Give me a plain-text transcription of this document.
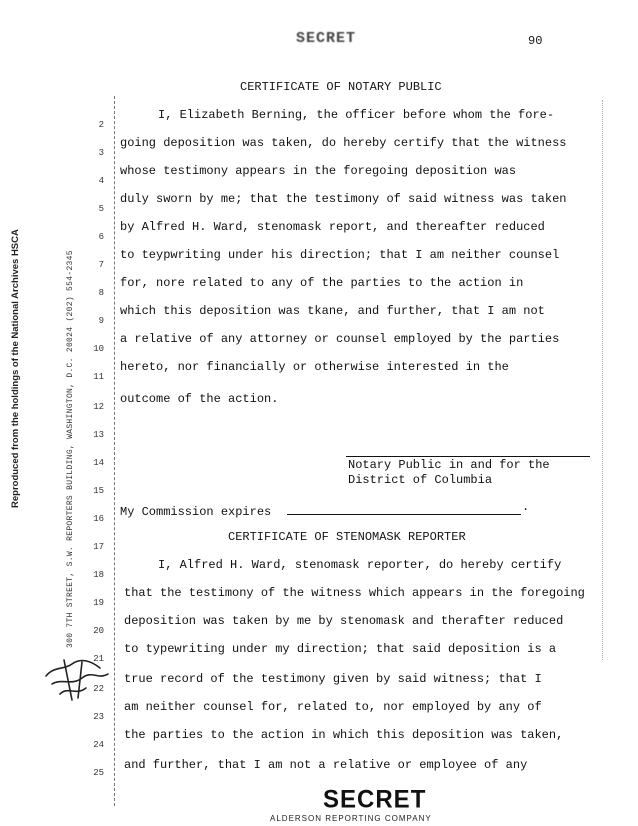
SECRET	90
Reproduced from the holdings of the National Archives HSCA	300 7TH STREET, S.W. REPORTERS BUILDING, WASHINGTON, D.C. 20024 (202) 554-2345
2
3
4
5
6
7
8
9
10
11
12
13
14
15
16
17
18
19
20
21
22
23
24
25
CERTIFICATE OF NOTARY PUBLIC
I, Elizabeth Berning, the officer before whom the fore-
going deposition was taken, do hereby certify that the witness
whose testimony appears in the foregoing deposition was
duly sworn by me; that the testimony of said witness was taken
by Alfred H. Ward, stenomask report, and thereafter reduced
to teypwriting under his direction; that I am neither counsel
for, nore related to any of the parties to the action in
which this deposition was tkane, and further, that I am not
a relative of any attorney or counsel employed by the parties
hereto, nor financially or otherwise interested in the
outcome of the action.
Notary Public in and for the
District of Columbia
My Commission expires	.
CERTIFICATE OF STENOMASK REPORTER
I, Alfred H. Ward, stenomask reporter, do hereby certify
that the testimony of the witness which appears in the foregoing
deposition was taken by me by stenomask and therafter reduced
to typewriting under my direction; that said deposition is a
true record of the testimony given by said witness; that I
am neither counsel for, related to, nor employed by any of
the parties to the action in which this deposition was taken,
and further, that I am not a relative or employee of any
SECRET
ALDERSON REPORTING COMPANY
